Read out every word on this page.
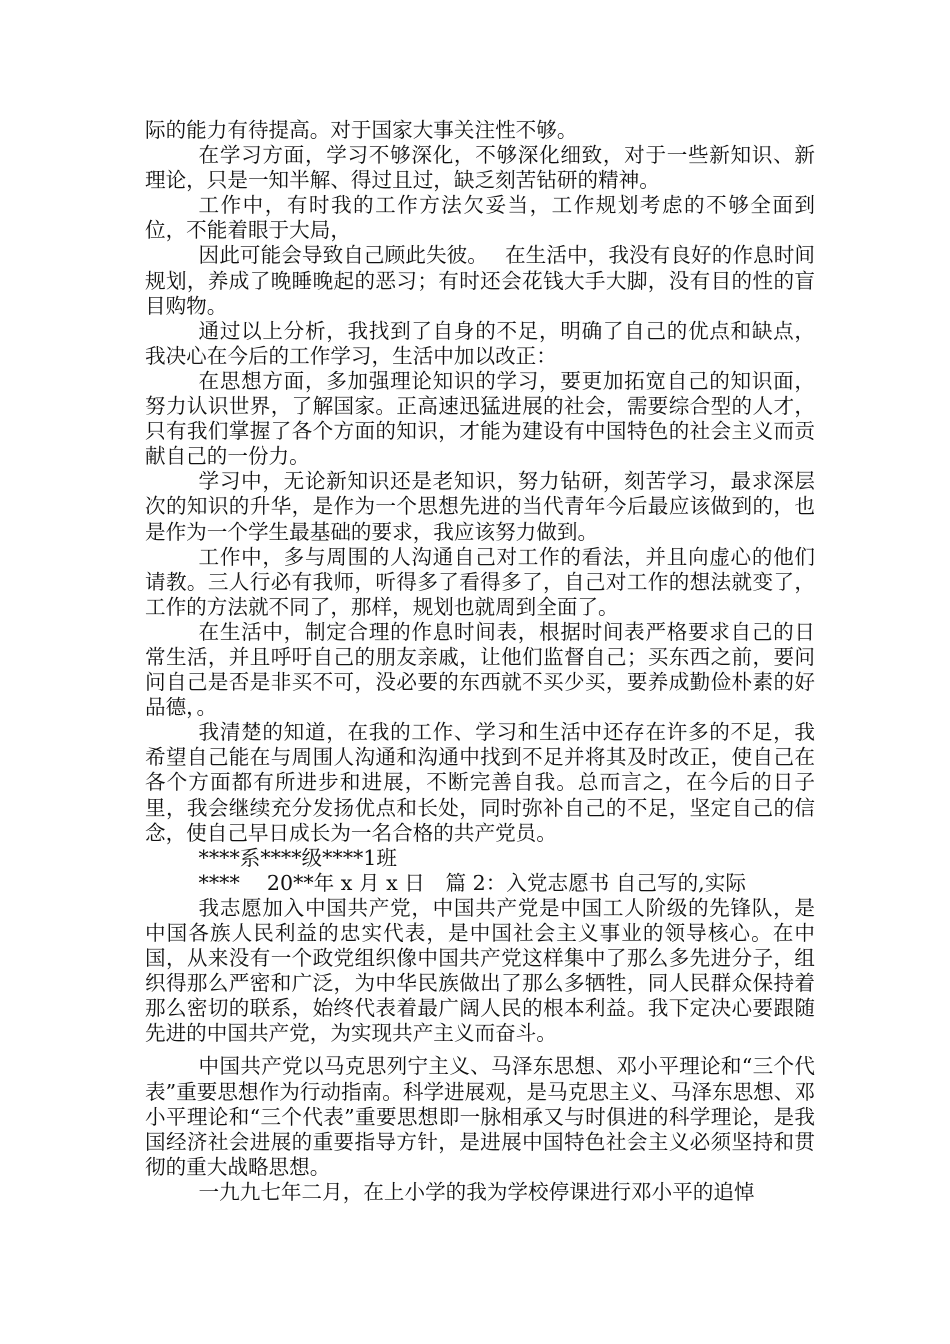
际的能力有待提高。对于国家大事关注性不够。

在学习方面，学习不够深化，不够深化细致，对于一些新知识、新理论，只是一知半解、得过且过，缺乏刻苦钻研的精神。

工作中，有时我的工作方法欠妥当，工作规划考虑的不够全面到位，不能着眼于大局，

因此可能会导致自己顾此失彼。　 在生活中，我没有良好的作息时间规划，养成了晚睡晚起的恶习；有时还会花钱大手大脚，没有目的性的盲目购物。

通过以上分析，我找到了自身的不足，明确了自己的优点和缺点，我决心在今后的工作学习，生活中加以改正：

在思想方面，多加强理论知识的学习，要更加拓宽自己的知识面，努力认识世界，了解国家。正高速迅猛进展的社会，需要综合型的人才，只有我们掌握了各个方面的知识，才能为建设有中国特色的社会主义而贡献自己的一份力。

学习中，无论新知识还是老知识，努力钻研，刻苦学习，最求深层次的知识的升华，是作为一个思想先进的当代青年今后最应该做到的，也是作为一个学生最基础的要求，我应该努力做到。

工作中，多与周围的人沟通自己对工作的看法，并且向虚心的他们请教。三人行必有我师，听得多了看得多了，自己对工作的想法就变了，工作的方法就不同了，那样，规划也就周到全面了。

在生活中，制定合理的作息时间表，根据时间表严格要求自己的日常生活，并且呼吁自己的朋友亲戚，让他们监督自己；买东西之前，要问问自己是否是非买不可，没必要的东西就不买少买，要养成勤俭朴素的好品德，。

我清楚的知道，在我的工作、学习和生活中还存在许多的不足，我希望自己能在与周围人沟通和沟通中找到不足并将其及时改正，使自己在各个方面都有所进步和进展，不断完善自我。总而言之，在今后的日子里，我会继续充分发扬优点和长处，同时弥补自己的不足，坚定自己的信念，使自己早日成长为一名合格的共产党员。

****系****级****1班

****　 20**年 x 月 x 日　篇 2：入党志愿书 自己写的,实际

我志愿加入中国共产党，中国共产党是中国工人阶级的先锋队，是中国各族人民利益的忠实代表，是中国社会主义事业的领导核心。在中国，从来没有一个政党组织像中国共产党这样集中了那么多先进分子，组织得那么严密和广泛，为中华民族做出了那么多牺牲，同人民群众保持着那么密切的联系，始终代表着最广阔人民的根本利益。我下定决心要跟随先进的中国共产党，为实现共产主义而奋斗。

中国共产党以马克思列宁主义、马泽东思想、邓小平理论和“三个代表”重要思想作为行动指南。科学进展观，是马克思主义、马泽东思想、邓小平理论和“三个代表”重要思想即一脉相承又与时俱进的科学理论，是我国经济社会进展的重要指导方针，是进展中国特色社会主义必须坚持和贯彻的重大战略思想。

一九九七年二月，在上小学的我为学校停课进行邓小平的追悼
